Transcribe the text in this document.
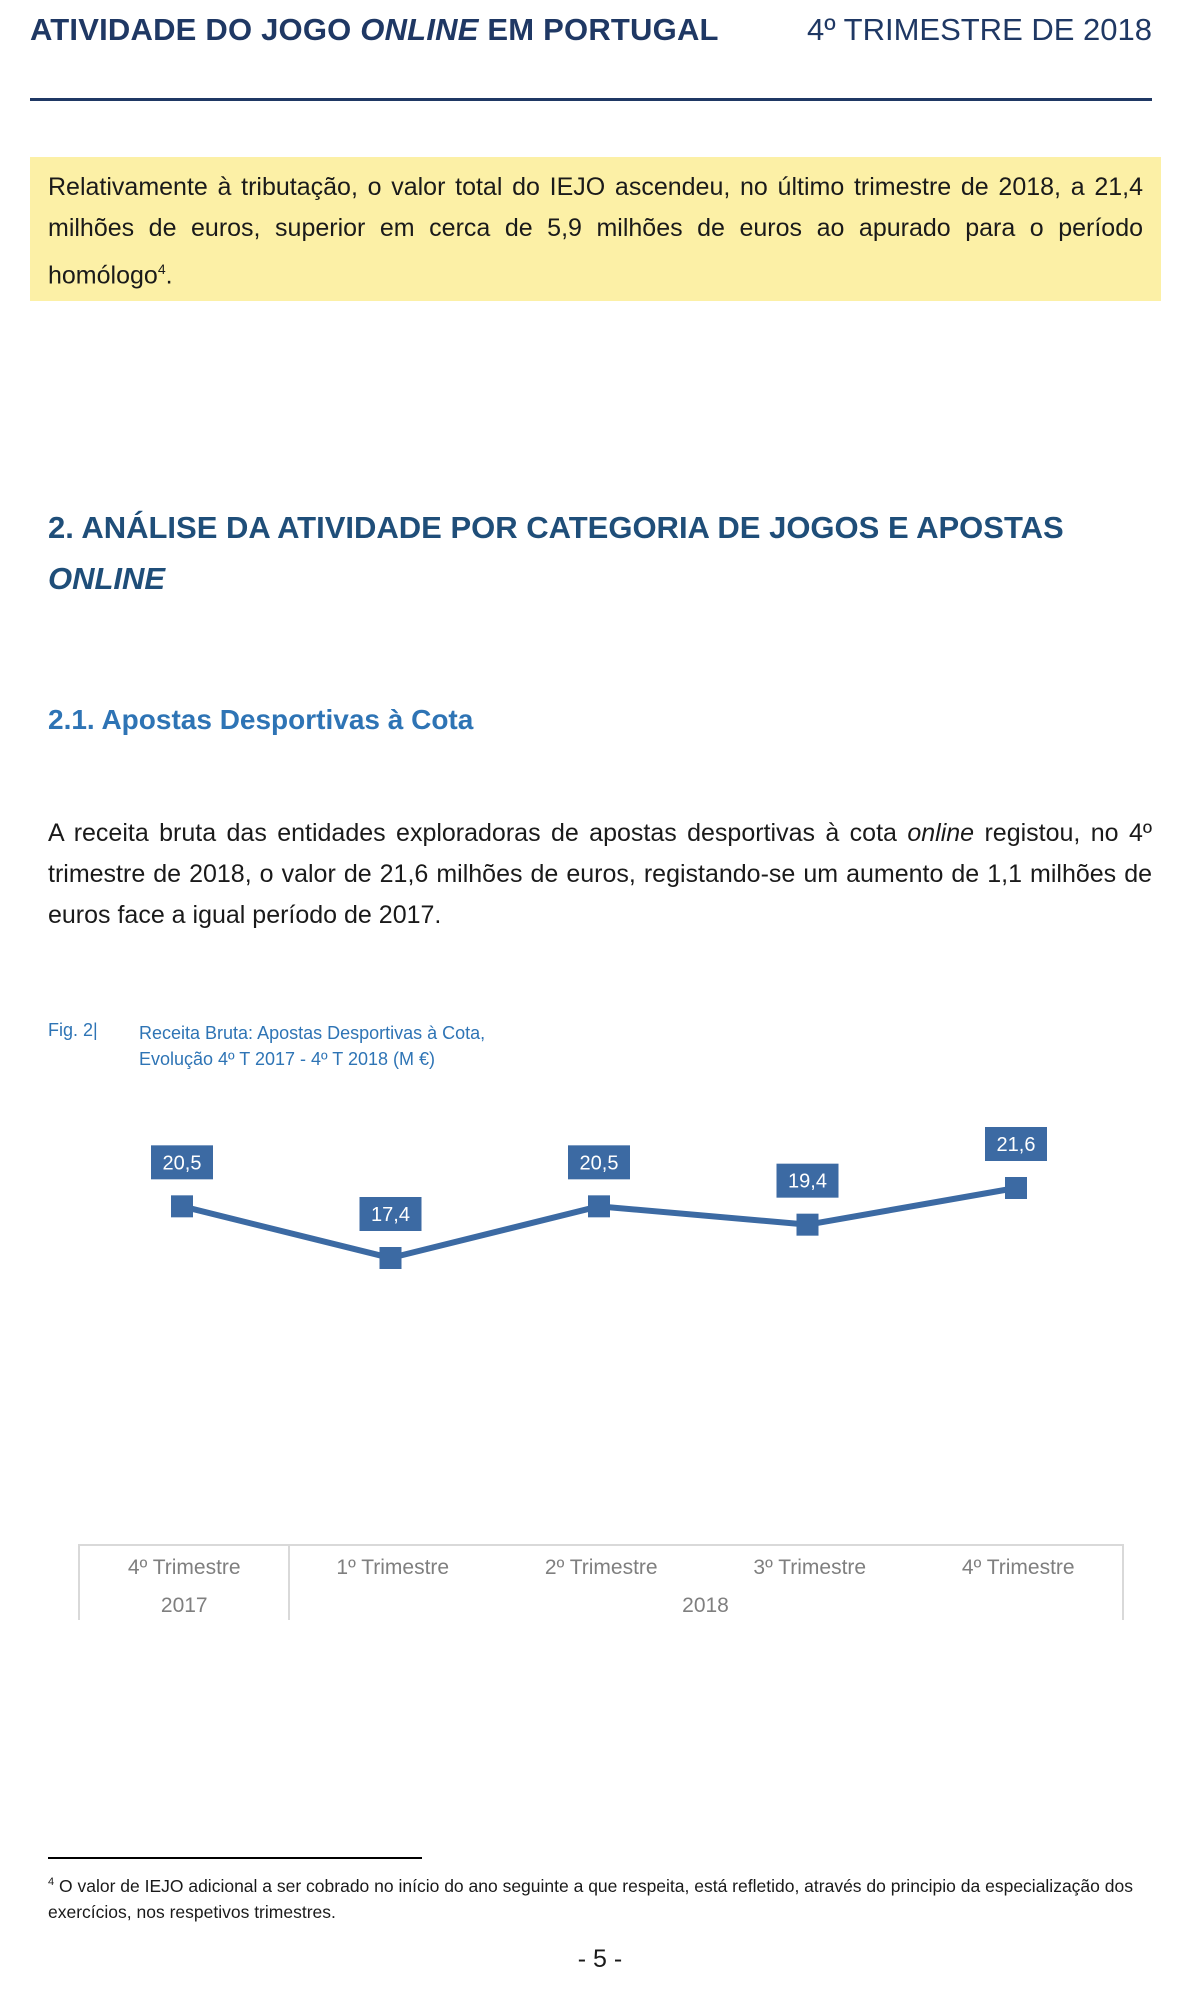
ATIVIDADE DO JOGO ONLINE EM PORTUGAL	4º TRIMESTRE DE 2018
Relativamente à tributação, o valor total do IEJO ascendeu, no último trimestre de 2018, a 21,4 milhões de euros, superior em cerca de 5,9 milhões de euros ao apurado para o período homólogo$^4$.
2. ANÁLISE DA ATIVIDADE POR CATEGORIA DE JOGOS E APOSTAS
ONLINE
2.1. Apostas Desportivas à Cota
A receita bruta das entidades exploradoras de apostas desportivas à cota online registou, no 4º trimestre de 2018, o valor de 21,6 milhões de euros, registando-se um aumento de 1,1 milhões de euros face a igual período de 2017.
Fig. 2| Receita Bruta: Apostas Desportivas à Cota,
Evolução 4º T 2017 - 4º T 2018 (M €)
20,5
17,4
20,5
19,4
21,6
4º Trimestre	1º Trimestre	2º Trimestre	3º Trimestre	4º Trimestre
2017	2018
$^4$ O valor de IEJO adicional a ser cobrado no início do ano seguinte a que respeita, está refletido, através do principio da especialização dos exercícios, nos respetivos trimestres.
- 5 -
